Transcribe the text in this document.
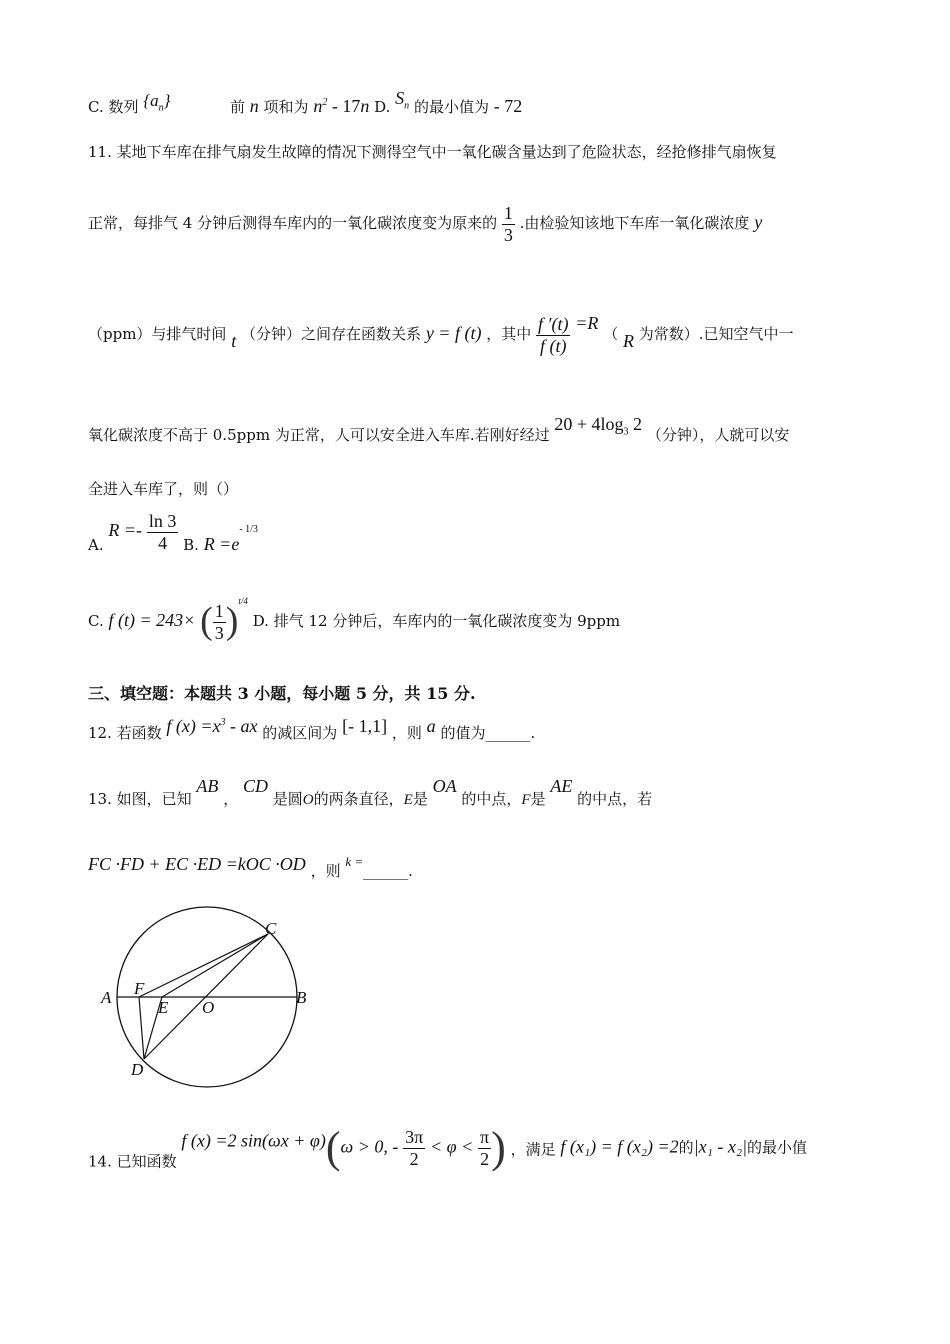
C. 数列 $\{a_n\}$	前 n 项和为 $n^2 - 17n$ D. $S_n$ 的最小值为 - 72
11. 某地下车库在排气扇发生故障的情况下测得空气中一氧化碳含量达到了危险状态，经抢修排气扇恢复
正常，每排气 4 分钟后测得车库内的一氧化碳浓度变为原来的 $\frac{1}{3}$ .由检验知该地下车库一氧化碳浓度 y
（ppm）与排气时间 t （分钟）之间存在函数关系 y = f (t) ，其中 $\frac{f '(t)}{f (t)} =R$ （ R 为常数）.已知空气中一
氧化碳浓度不高于 0.5ppm 为正常，人可以安全进入车库.若刚好经过 $20 + 4\log_3$ 2 （分钟），人就可以安
全进入车库了，则（）
A. $R =- \frac{\ln 3}{4} B$. $R =e^{- 1/3}$
C. f (t) = 243× ( $\frac{1}{3} )^{t/4}$ D. 排气 12 分钟后，车库内的一氧化碳浓度变为 9ppm
三、填空题：本题共 3 小题，每小题 5 分，共 15 分.
12. 若函数 f $(x) =x^3$ - ax 的减区间为 [- 1,1] ，则 a 的值为______.
13. 如图，已知 AB ， CD 是圆O的两条直径，E是 OA 的中点，F是 AE 的中点，若
FC ·FD + EC ·ED =kOC ·OD ，则 k =______.
A	B
C
D
E
F
O
14. 已知函数 f (x) =2 sin(ωx + φ)(ω > 0, - $\frac{3\pi}{2} < \varphi < \frac{\pi}{2}$ ) ，满足 f (x₁) = f (x₂) =2的|x₁ - x₂|的最小值
